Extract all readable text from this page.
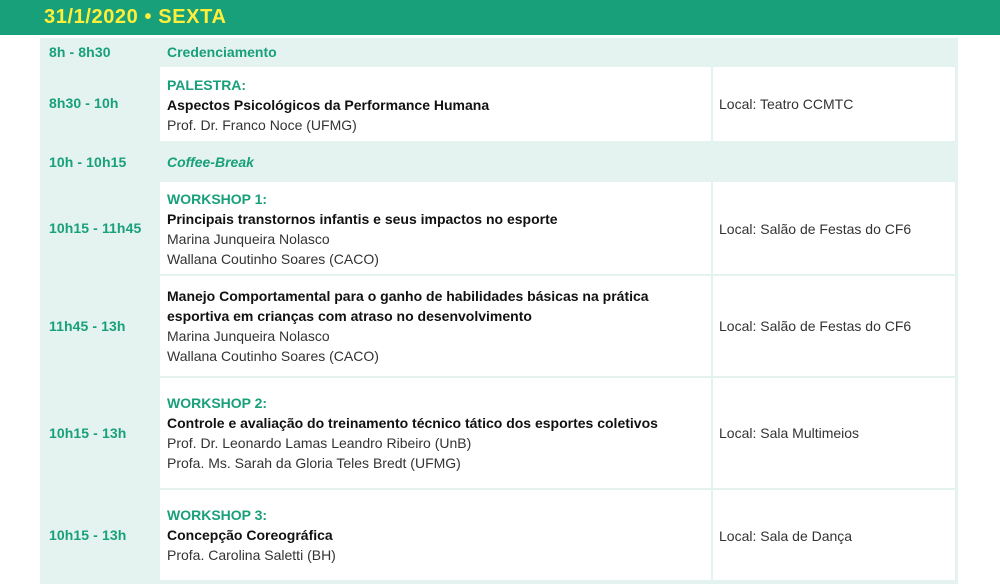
31/1/2020 • SEXTA
8h - 8h30	Credenciamento
8h30 - 10h
PALESTRA:
Aspectos Psicológicos da Performance Humana
Prof. Dr. Franco Noce (UFMG)
Local: Teatro CCMTC
10h - 10h15	Coffee-Break
10h15 - 11h45
WORKSHOP 1:
Principais transtornos infantis e seus impactos no esporte
Marina Junqueira Nolasco
Wallana Coutinho Soares (CACO)
Local: Salão de Festas do CF6
11h45 - 13h
Manejo Comportamental para o ganho de habilidades básicas na prática
esportiva em crianças com atraso no desenvolvimento
Marina Junqueira Nolasco
Wallana Coutinho Soares (CACO)
Local: Salão de Festas do CF6
10h15 - 13h
WORKSHOP 2:
Controle e avaliação do treinamento técnico tático dos esportes coletivos
Prof. Dr. Leonardo Lamas Leandro Ribeiro (UnB)
Profa. Ms. Sarah da Gloria Teles Bredt (UFMG)
Local: Sala Multimeios
10h15 - 13h
WORKSHOP 3:
Concepção Coreográfica
Profa. Carolina Saletti (BH)
Local: Sala de Dança
